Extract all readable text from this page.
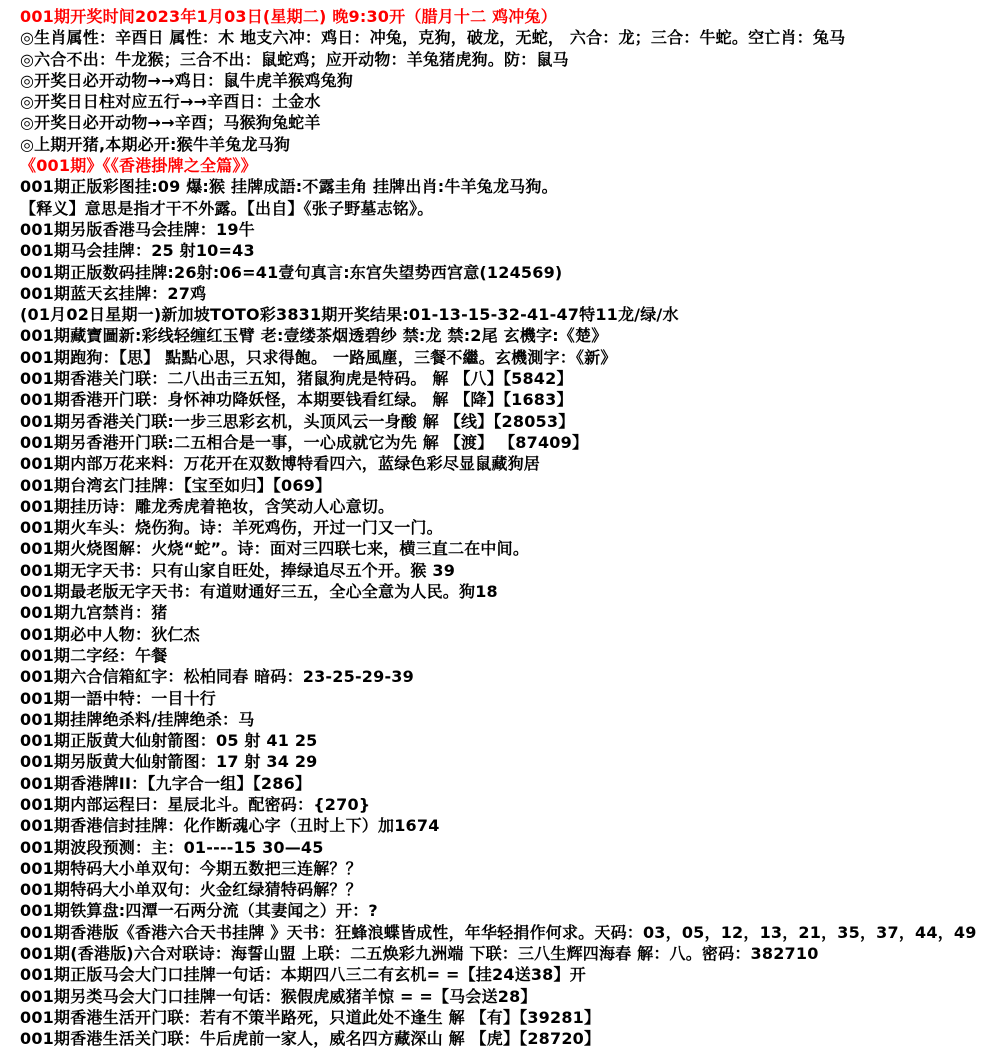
001期开奖时间2023年1月03日(星期二) 晚9:30开（腊月十二 鸡冲兔）
◎生肖属性：辛酉日 属性：木 地支六冲：鸡日：冲兔，克狗，破龙，无蛇， 六合：龙；三合：牛蛇。空亡肖：兔马
◎六合不出：牛龙猴；三合不出：鼠蛇鸡；应开动物：羊兔猪虎狗。防：鼠马
◎开奖日必开动物→→鸡日：鼠牛虎羊猴鸡兔狗
◎开奖日日柱对应五行→→辛酉日：土金水
◎开奖日必开动物→→辛酉；马猴狗兔蛇羊
◎上期开猪,本期必开:猴牛羊兔龙马狗
《001期》《《香港掛牌之全篇》》
001期正版彩图挂:09 爆:猴 挂牌成語:不露圭角 挂牌出肖:牛羊兔龙马狗。
【释义】意思是指才干不外露。【出自】《张子野墓志铭》。
001期另版香港马会挂牌：19牛
001期马会挂牌：25 射10=43
001期正版数码挂牌:26射:06=41壹句真言:东宫失望势西宫意(124569)
001期蓝天玄挂牌：27鸡
(01月02日星期一)新加坡TOTO彩3831期开奖结果:01-13-15-32-41-47特11龙/绿/水
001期藏寶圖新:彩线轻缠红玉臂 老:壹缕茶烟透碧纱 禁:龙 禁:2尾 玄機字:《楚》
001期跑狗：【思】 點點心思，只求得飽。 一路風塵，三餐不繼。玄機測字：《新》
001期香港关门联：二八出击三五知，猪鼠狗虎是特码。 解 【八】【5842】
001期香港开门联：身怀神功降妖怪，本期要钱看红绿。 解 【降】【1683】
001期另香港关门联:一步三思彩玄机，头顶风云一身酸 解 【线】【28053】
001期另香港开门联:二五相合是一事，一心成就它为先 解 【渡】 【87409】
001期内部万花来料：万花开在双数博特看四六，蓝绿色彩尽显鼠藏狗居
001期台湾玄门挂牌：【宝至如归】【069】
001期挂历诗：雕龙秀虎着艳妆，含笑动人心意切。
001期火车头：烧伤狗。诗：羊死鸡伤，开过一门又一门。
001期火烧图解：火烧“蛇”。诗：面对三四联七来，横三直二在中间。
001期无字天书：只有山家自旺处，捧绿追尽五个开。猴 39
001期最老版无字天书：有道财通好三五，全心全意为人民。狗18
001期九宫禁肖：猪
001期必中人物：狄仁杰
001期二字经：午餐
001期六合信箱紅字：松柏同春 暗码：23-25-29-39
001期一語中特：一目十行
001期挂牌绝杀料/挂牌绝杀：马
001期正版黄大仙射箭图：05 射 41 25
001期另版黄大仙射箭图：17 射 34 29
001期香港牌II：【九字合一组】【286】
001期内部运程曰：星辰北斗。配密码：{270}
001期香港信封挂牌：化作断魂心字（丑时上下）加1674
001期波段预测：主：01----15 30—45
001期特码大小单双句：今期五数把三连解？？
001期特码大小单双句：火金红绿猜特码解？？
001期铁算盘:四潭一石两分流（其妻闻之）开：?
001期香港版《香港六合天书挂牌 》天书：狂蜂浪蝶皆成性，年华轻捐作何求。天码：03，05，12，13，21，35，37，44，49
001期(香港版)六合对联诗：海誓山盟 上联：二五焕彩九洲端 下联：三八生辉四海春 解：八。密码：382710
001期正版马会大门口挂牌一句话：本期四八三二有玄机= =【挂24送38】开
001期另类马会大门口挂牌一句话：猴假虎威猪羊惊 = =【马会送28】
001期香港生活开门联：若有不策半路死，只道此处不逢生 解 【有】【39281】
001期香港生活关门联：牛后虎前一家人，威名四方藏深山 解 【虎】【28720】
